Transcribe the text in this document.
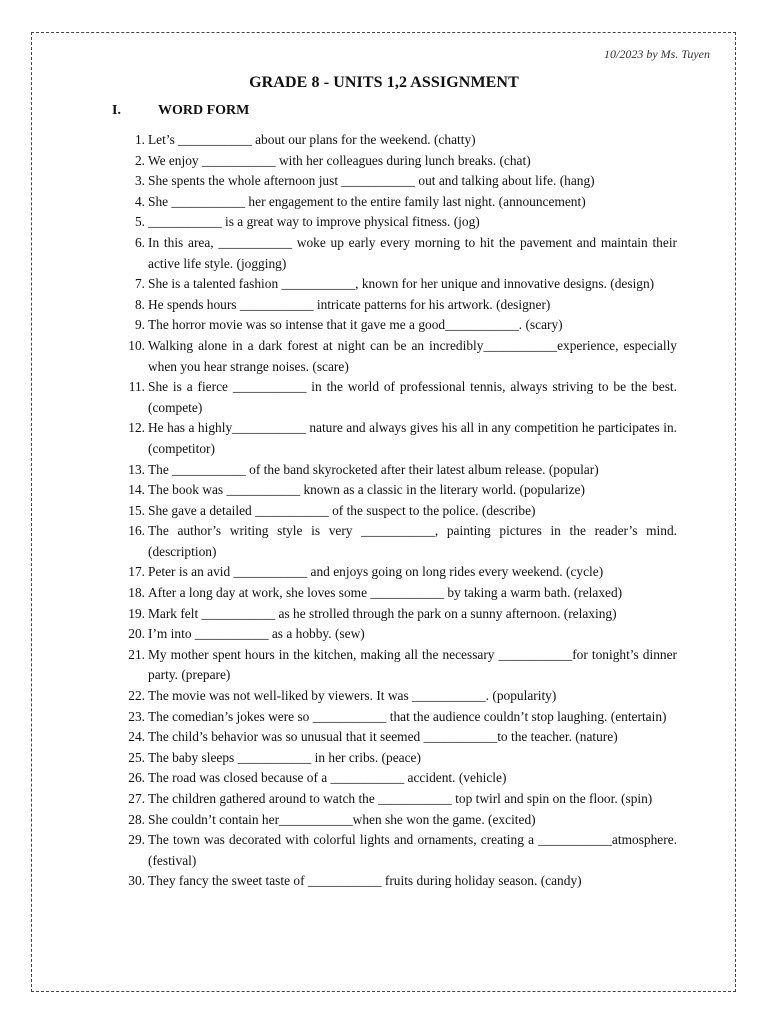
10/2023 by Ms. Tuyen
GRADE 8 - UNITS 1,2 ASSIGNMENT
I.	WORD FORM
1. Let’s ___________ about our plans for the weekend. (chatty)
2. We enjoy ___________ with her colleagues during lunch breaks. (chat)
3. She spents the whole afternoon just ___________ out and talking about life. (hang)
4. She ___________ her engagement to the entire family last night. (announcement)
5. ___________ is a great way to improve physical fitness. (jog)
6. In this area, ___________ woke up early every morning to hit the pavement and maintain their active life style. (jogging)
7. She is a talented fashion ___________, known for her unique and innovative designs. (design)
8. He spends hours ___________ intricate patterns for his artwork. (designer)
9. The horror movie was so intense that it gave me a good___________. (scary)
10. Walking alone in a dark forest at night can be an incredibly___________experience, especially when you hear strange noises. (scare)
11. She is a fierce ___________ in the world of professional tennis, always striving to be the best. (compete)
12. He has a highly___________ nature and always gives his all in any competition he participates in. (competitor)
13. The ___________ of the band skyrocketed after their latest album release. (popular)
14. The book was ___________ known as a classic in the literary world. (popularize)
15. She gave a detailed ___________ of the suspect to the police. (describe)
16. The author’s writing style is very ___________, painting pictures in the reader’s mind. (description)
17. Peter is an avid ___________ and enjoys going on long rides every weekend. (cycle)
18. After a long day at work, she loves some ___________ by taking a warm bath. (relaxed)
19. Mark felt ___________ as he strolled through the park on a sunny afternoon. (relaxing)
20. I’m into ___________ as a hobby. (sew)
21. My mother spent hours in the kitchen, making all the necessary ___________for tonight’s dinner party. (prepare)
22. The movie was not well-liked by viewers. It was ___________. (popularity)
23. The comedian’s jokes were so ___________ that the audience couldn’t stop laughing. (entertain)
24. The child’s behavior was so unusual that it seemed ___________to the teacher. (nature)
25. The baby sleeps ___________ in her cribs. (peace)
26. The road was closed because of a ___________ accident. (vehicle)
27. The children gathered around to watch the ___________ top twirl and spin on the floor. (spin)
28. She couldn’t contain her___________when she won the game. (excited)
29. The town was decorated with colorful lights and ornaments, creating a ___________atmosphere. (festival)
30. They fancy the sweet taste of ___________ fruits during holiday season. (candy)
